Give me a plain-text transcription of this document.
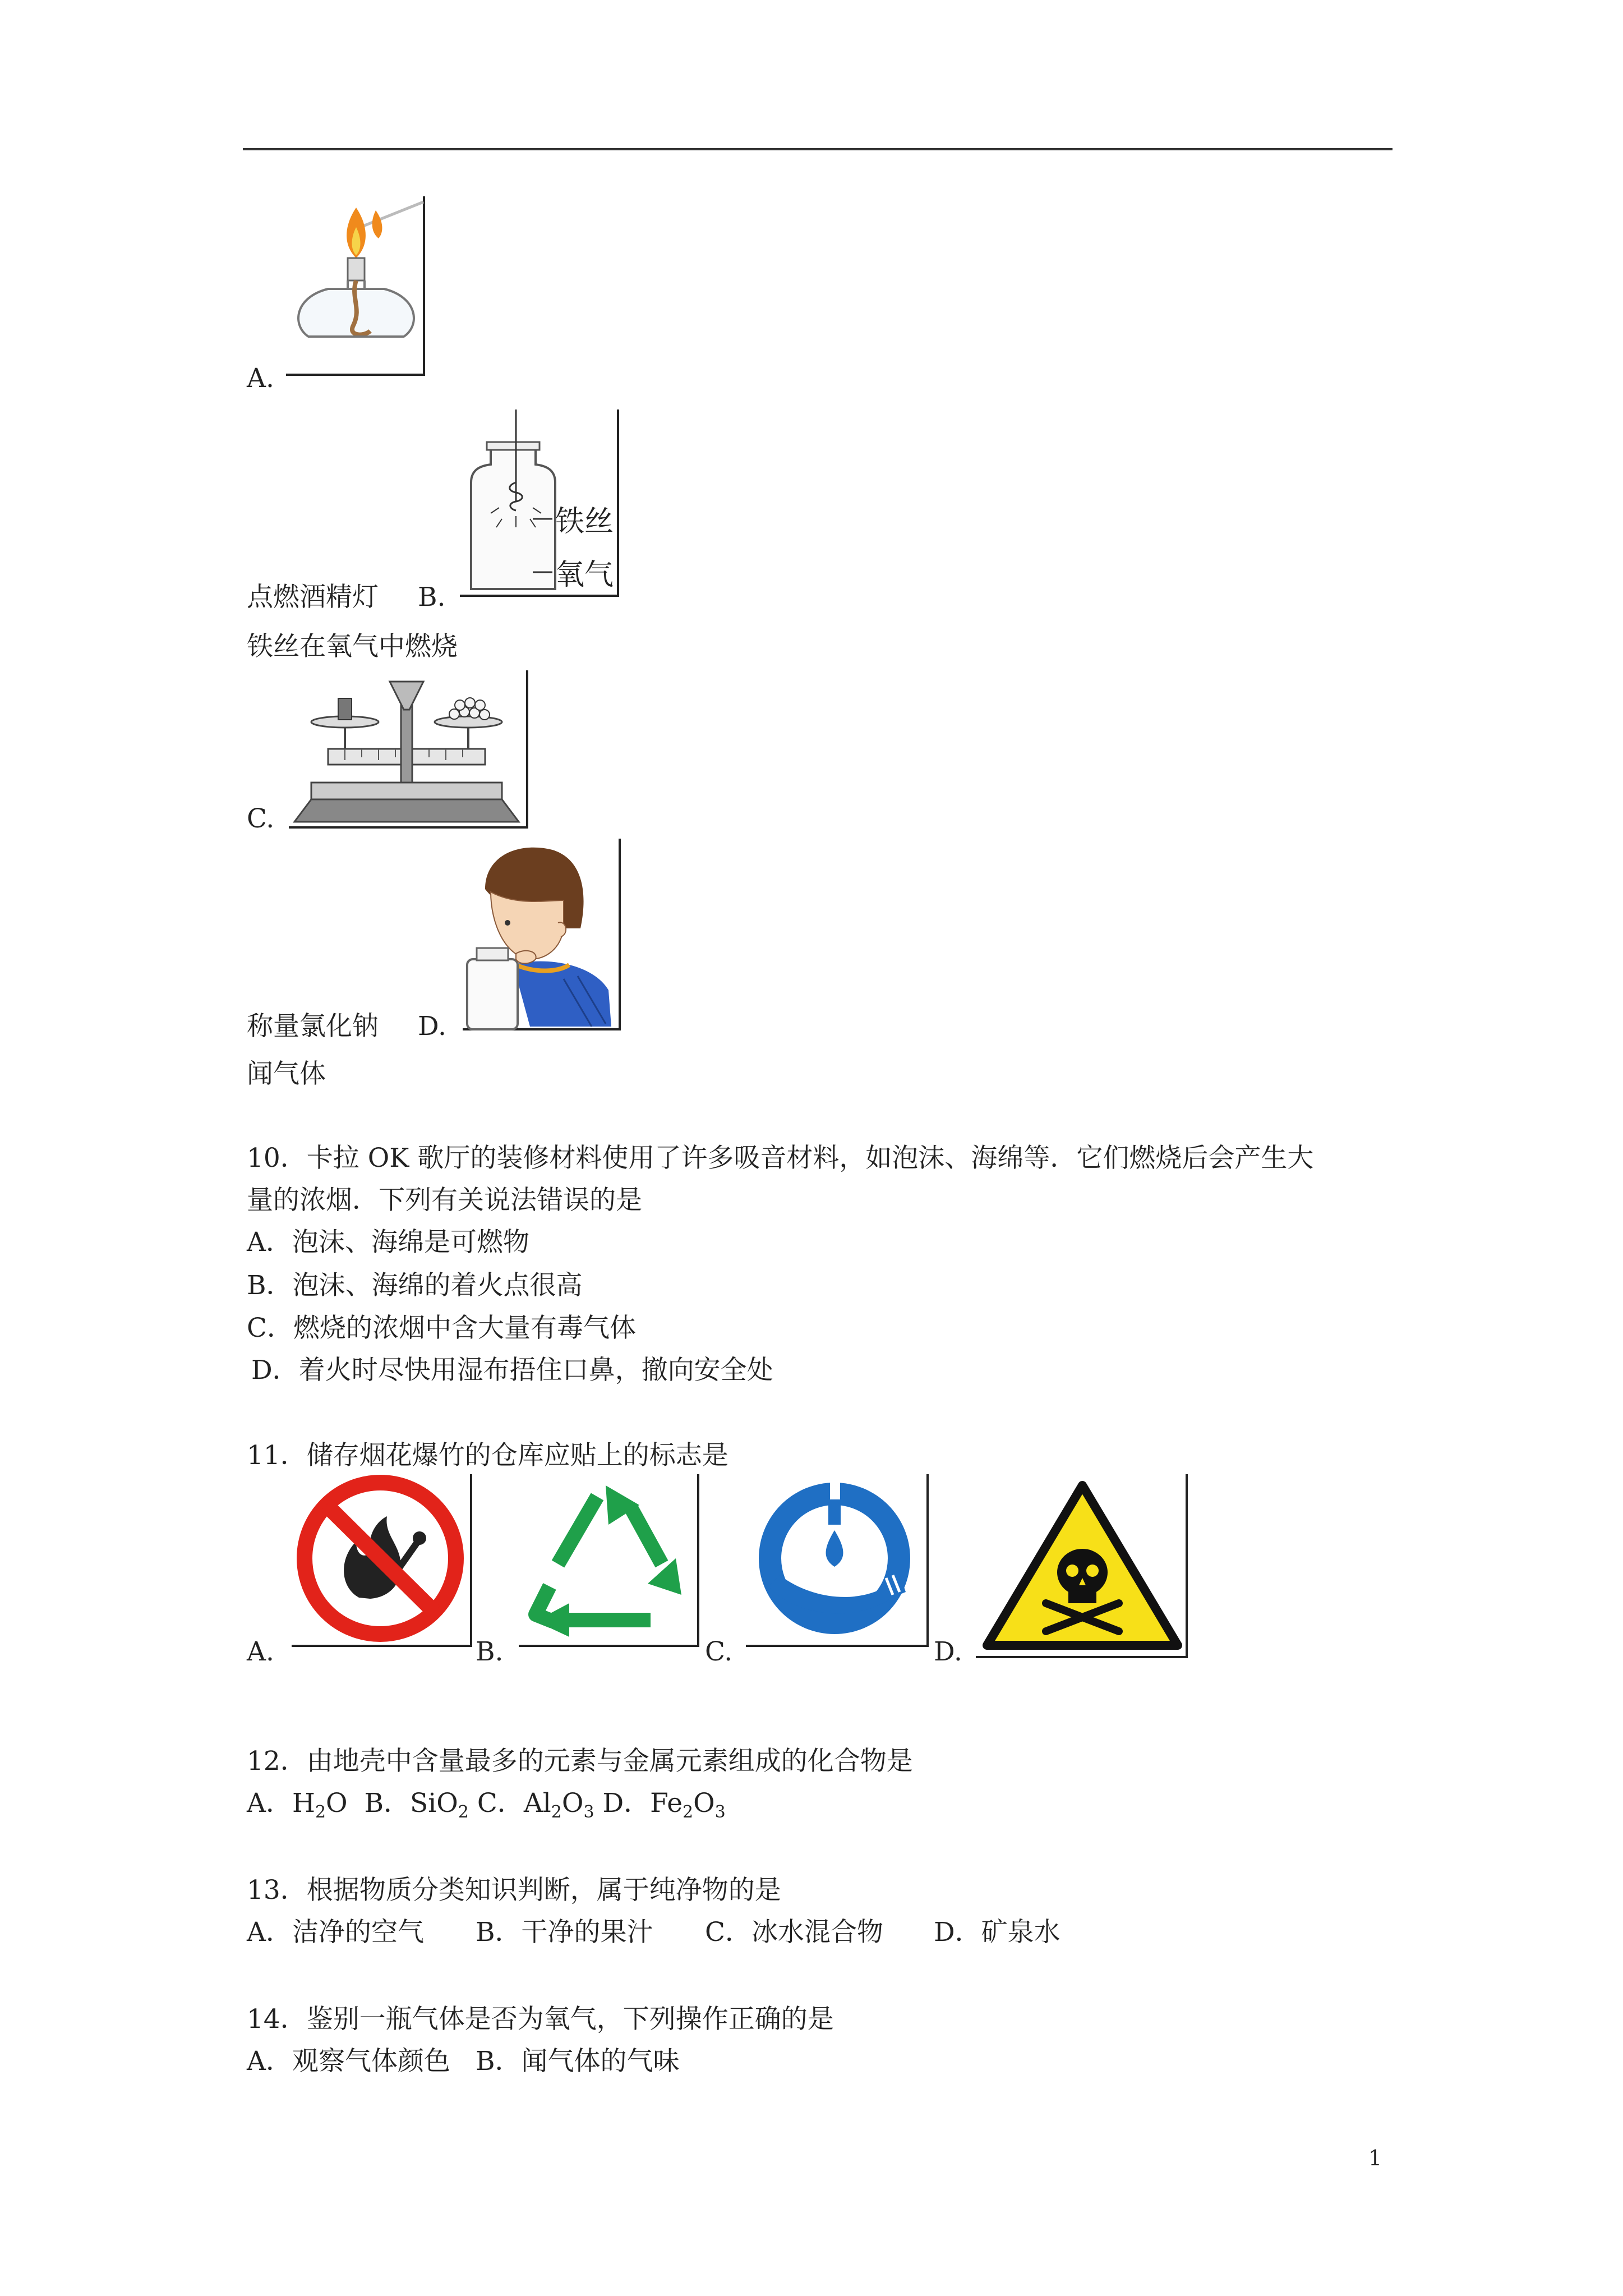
A.
铁丝
氧气
点燃酒精灯 B.
铁丝在氧气中燃烧
C.
称量氯化钠 D.
闻气体
10．卡拉 OK 歌厅的装修材料使用了许多吸音材料，如泡沫、海绵等．它们燃烧后会产生大
量的浓烟．下列有关说法错误的是
A．泡沫、海绵是可燃物
B．泡沫、海绵的着火点很高
C．燃烧的浓烟中含大量有毒气体
D．着火时尽快用湿布捂住口鼻，撤向安全处
11．储存烟花爆竹的仓库应贴上的标志是
A.	B.	C.	D.
12．由地壳中含量最多的元素与金属元素组成的化合物是
A．$H_2O$ B．SiO$_2$ C．$Al_2O_3$ D．$Fe_2O_3$
13．根据物质分类知识判断，属于纯净物的是
A．洁净的空气 B．干净的果汁 C．冰水混合物 D．矿泉水
14．鉴别一瓶气体是否为氧气，下列操作正确的是
A．观察气体颜色 B．闻气体的气味
1
